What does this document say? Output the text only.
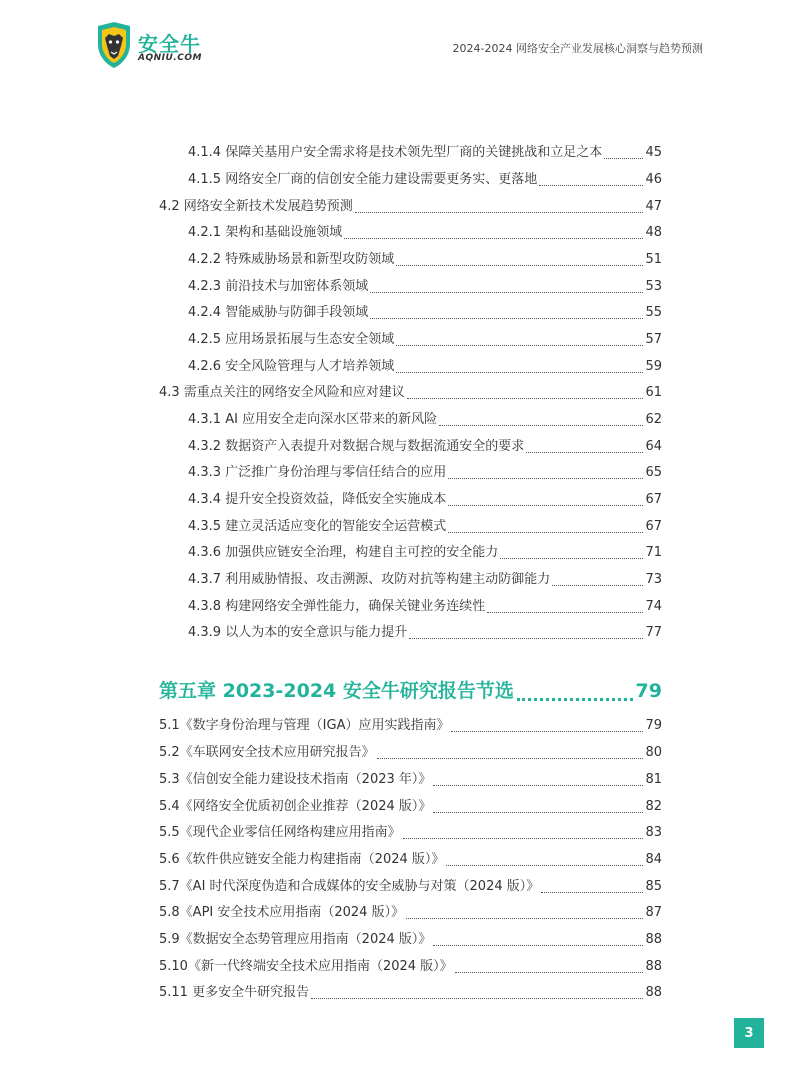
安全牛
AQNIU.COM
2024-2024 网络安全产业发展核心洞察与趋势预测
4.1.4 保障关基用户安全需求将是技术领先型厂商的关键挑战和立足之本	45
4.1.5 网络安全厂商的信创安全能力建设需要更务实、更落地	46
4.2 网络安全新技术发展趋势预测	47
4.2.1 架构和基础设施领域	48
4.2.2 特殊威胁场景和新型攻防领域	51
4.2.3 前沿技术与加密体系领域	53
4.2.4 智能威胁与防御手段领域	55
4.2.5 应用场景拓展与生态安全领域	57
4.2.6 安全风险管理与人才培养领域	59
4.3 需重点关注的网络安全风险和应对建议	61
4.3.1 AI 应用安全走向深水区带来的新风险	62
4.3.2 数据资产入表提升对数据合规与数据流通安全的要求	64
4.3.3 广泛推广身份治理与零信任结合的应用	65
4.3.4 提升安全投资效益，降低安全实施成本	67
4.3.5 建立灵活适应变化的智能安全运营模式	67
4.3.6 加强供应链安全治理，构建自主可控的安全能力	71
4.3.7 利用威胁情报、攻击溯源、攻防对抗等构建主动防御能力	73
4.3.8 构建网络安全弹性能力，确保关键业务连续性	74
4.3.9 以人为本的安全意识与能力提升	77
第五章 2023-2024 安全牛研究报告节选	79
5.1《数字身份治理与管理（IGA）应用实践指南》	79
5.2《车联网安全技术应用研究报告》	80
5.3《信创安全能力建设技术指南（2023 年）》	81
5.4《网络安全优质初创企业推荐（2024 版）》	82
5.5《现代企业零信任网络构建应用指南》	83
5.6《软件供应链安全能力构建指南（2024 版）》	84
5.7《AI 时代深度伪造和合成媒体的安全威胁与对策（2024 版）》	85
5.8《API 安全技术应用指南（2024 版）》	87
5.9《数据安全态势管理应用指南（2024 版）》	88
5.10《新一代终端安全技术应用指南（2024 版）》	88
5.11 更多安全牛研究报告	88
3
